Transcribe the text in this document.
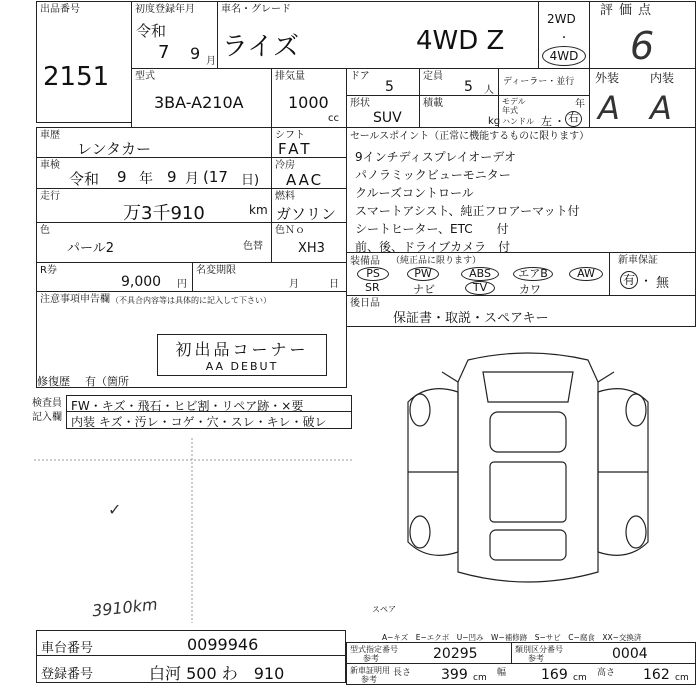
出品番号
2151
初度登録年月
令和
7 9 月
車名・グレード
ライズ	4WD Z
2WD
・
4WD
評価点
6
型式
3BA-A210A
排気量
1000
cc
ドア
5
定員
5 人
ディーラー・並行
形状
SUV
積載
kg
モデル年式
年
ハンドル 左 ・ 右
外装	内装
A A
車歴
レンタカー
シフト
FAT
車検
令和 9 年 9 月 (17 日)
冷房
AAC
走行
万3千910	km
燃料
ガソリン
セールスポイント（正常に機能するものに限ります）
9インチディスプレイオーデオ
パノラミックビューモニター
クルーズコントロール
スマートアシスト、純正フロアーマット付
シートヒーター、ETC　　付
前、後、ドライブカメラ　付
色
パール2	色替
色Ｎｏ
XH3
装備品 （純正品に限ります）
PS	PW	ABS	エアB	AW
SR	ナビ	TV	カワ
新車保証
有 ・ 無
R券
9,000 円
名変期限
月	日
後日品
保証書・取説・スペアキー
注意事項申告欄 （不具合内容等は具体的に記入して下さい）
初出品コーナー
AA DEBUT
修復歴 有（箇所
検査員
記入欄
FW・キズ・飛石・ヒビ割・リペア跡・×要
内装 キズ・汚レ・コゲ・穴・スレ・キレ・破レ
✓
3910km	スペア
A−キズ　E−エクボ　U−凹み　W−補修跡　S−サビ　C−腐食　XX−交換済
車台番号	0099946
登録番号	白河 500 わ　910
型式指定番号
参考	20295	類別区分番号
参考	0004
新車証明用
参考
長さ 399 cm 幅 169 cm 高さ 162 cm
